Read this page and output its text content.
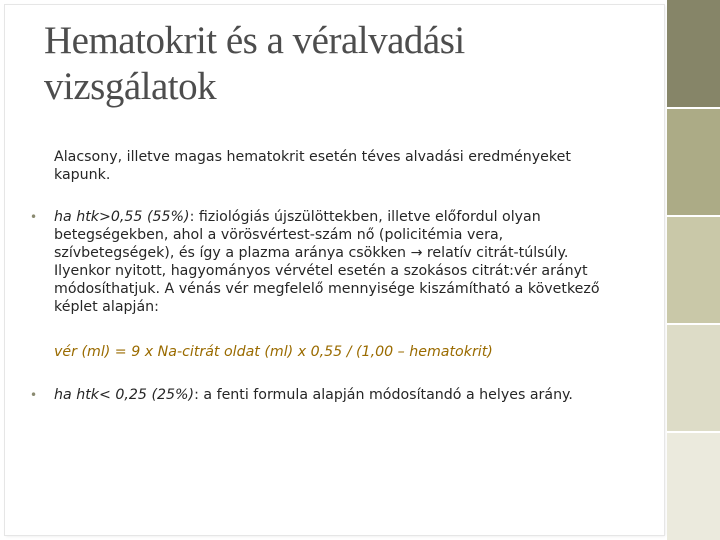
Hematokrit és a véralvadási
vizsgálatok
Alacsony, illetve magas hematokrit esetén téves alvadási eredményeket kapunk.
• ha htk>0,55 (55%): fiziológiás újszülöttekben, illetve előfordul olyan betegségekben, ahol a vörösvértest-szám nő (policitémia vera, szívbetegségek), és így a plazma aránya csökken → relatív citrát-túlsúly. Ilyenkor nyitott, hagyományos vérvétel esetén a szokásos citrát:vér arányt módosíthatjuk. A vénás vér megfelelő mennyisége kiszámítható a következő képlet alapján:
vér (ml) = 9 x Na-citrát oldat (ml) x 0,55 / (1,00 – hematokrit)
• ha htk< 0,25 (25%): a fenti formula alapján módosítandó a helyes arány.
